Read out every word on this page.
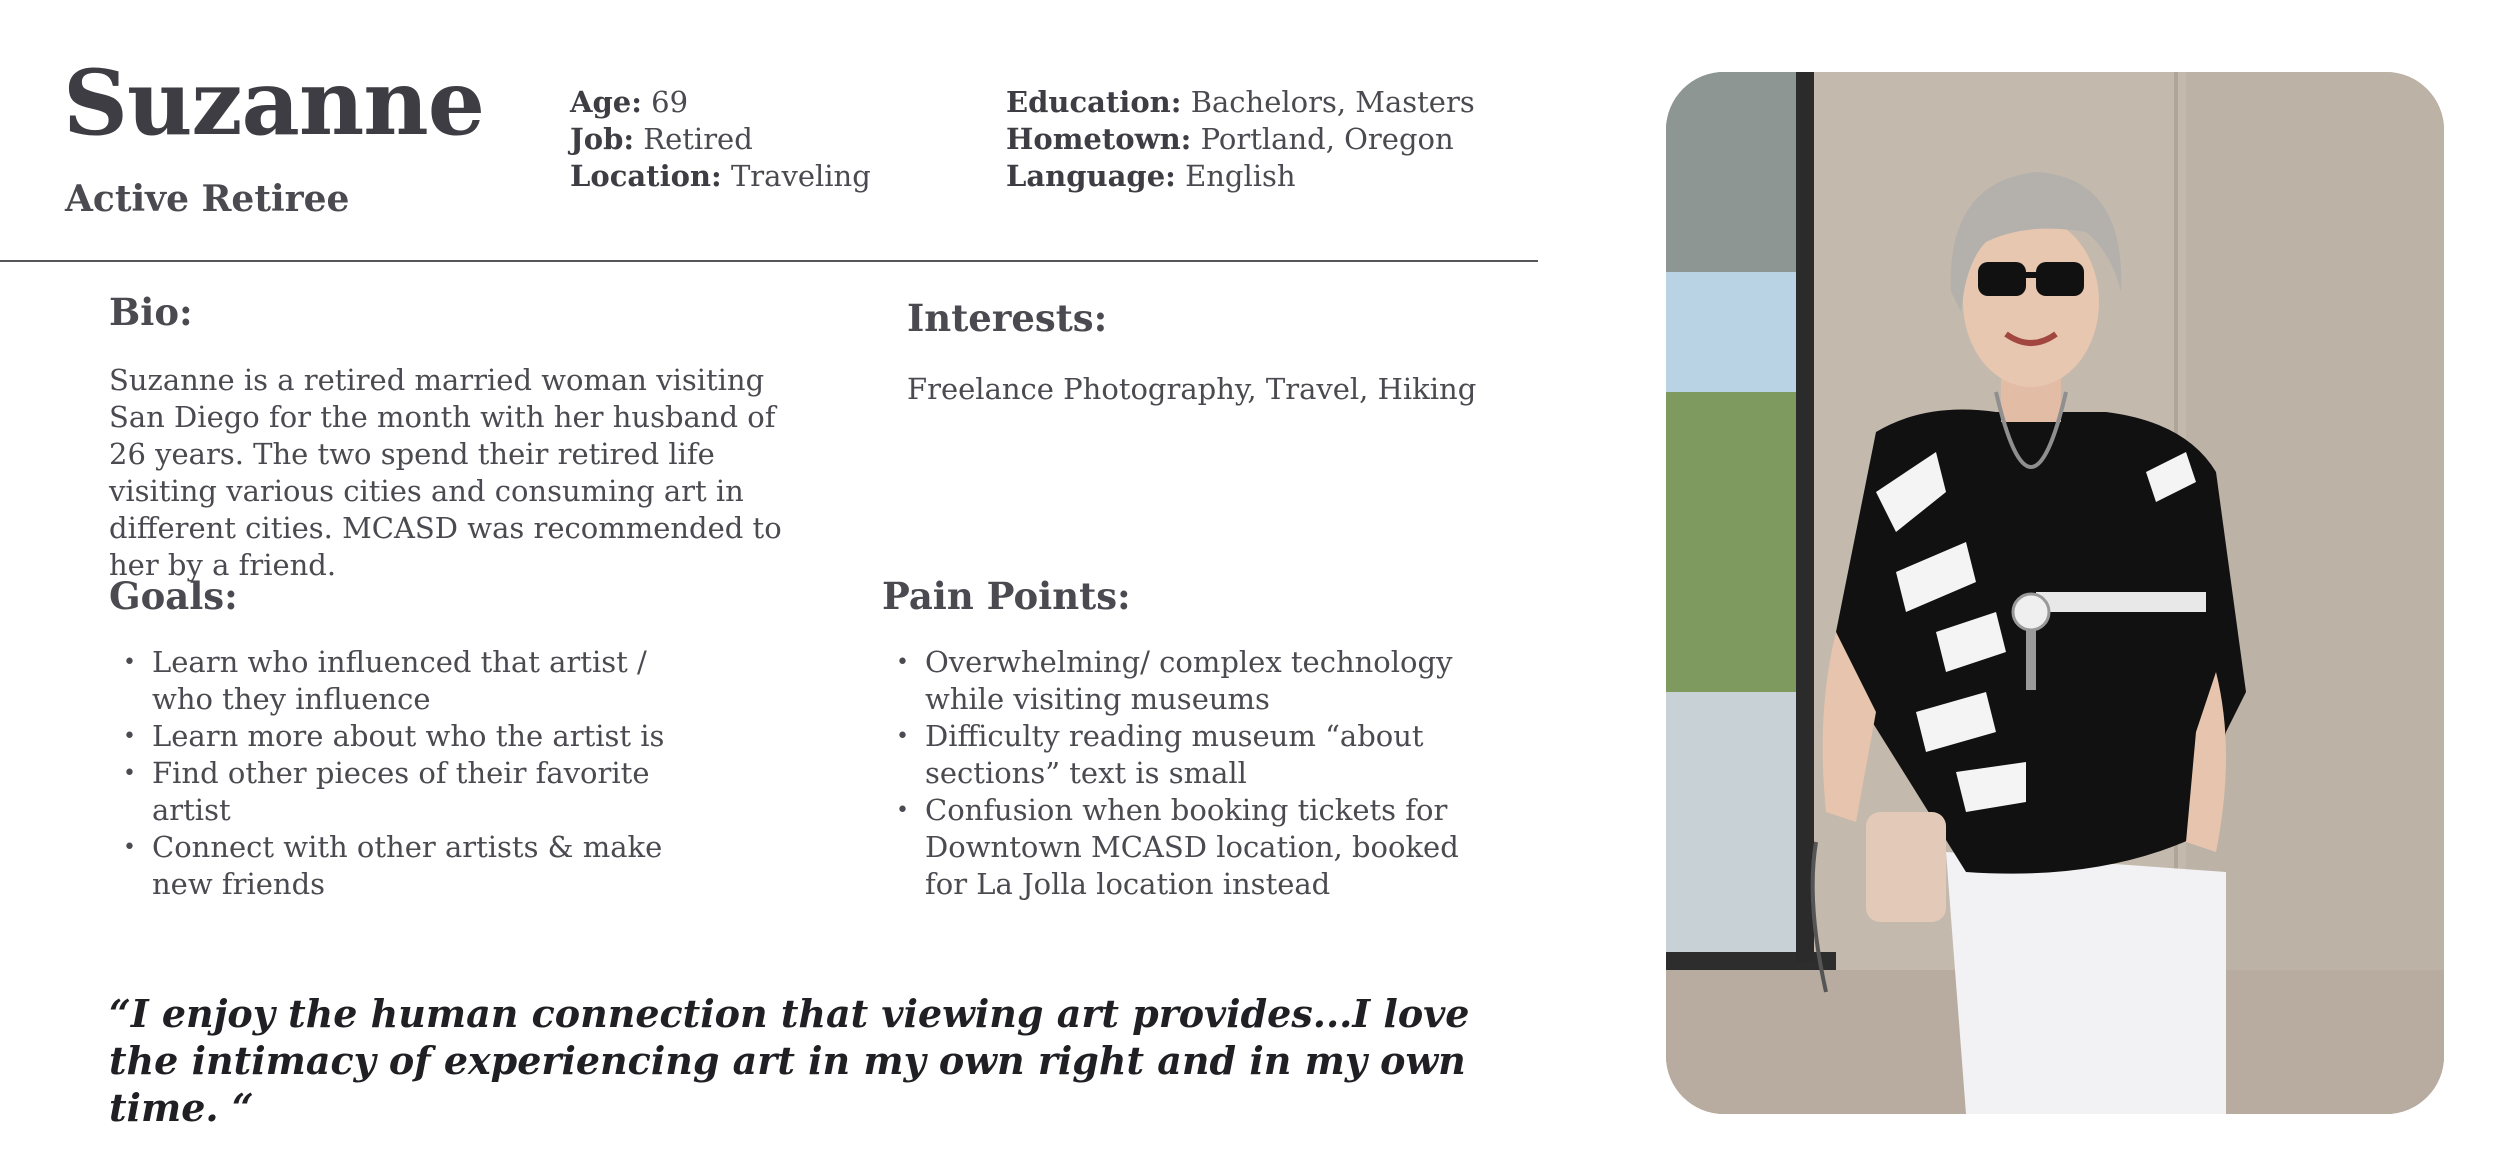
Suzanne
Active Retiree
Age: 69
Job: Retired
Location: Traveling
Education: Bachelors, Masters
Hometown: Portland, Oregon
Language: English
Bio:

Suzanne is a retired married woman visiting San Diego for the month with her husband of 26 years. The two spend their retired life visiting various cities and consuming art in different cities. MCASD was recommended to her by a friend.

Interests:

Freelance Photography, Travel, Hiking

Goals:
• Learn who influenced that artist / who they influence
• Learn more about who the artist is
• Find other pieces of their favorite artist
• Connect with other artists & make new friends
Pain Points:
• Overwhelming/ complex technology while visiting museums
• Difficulty reading museum “about sections” text is small
• Confusion when booking tickets for Downtown MCASD location, booked for La Jolla location instead

“I enjoy the human connection that viewing art provides...I love the intimacy of experiencing art in my own right and in my own time. “
